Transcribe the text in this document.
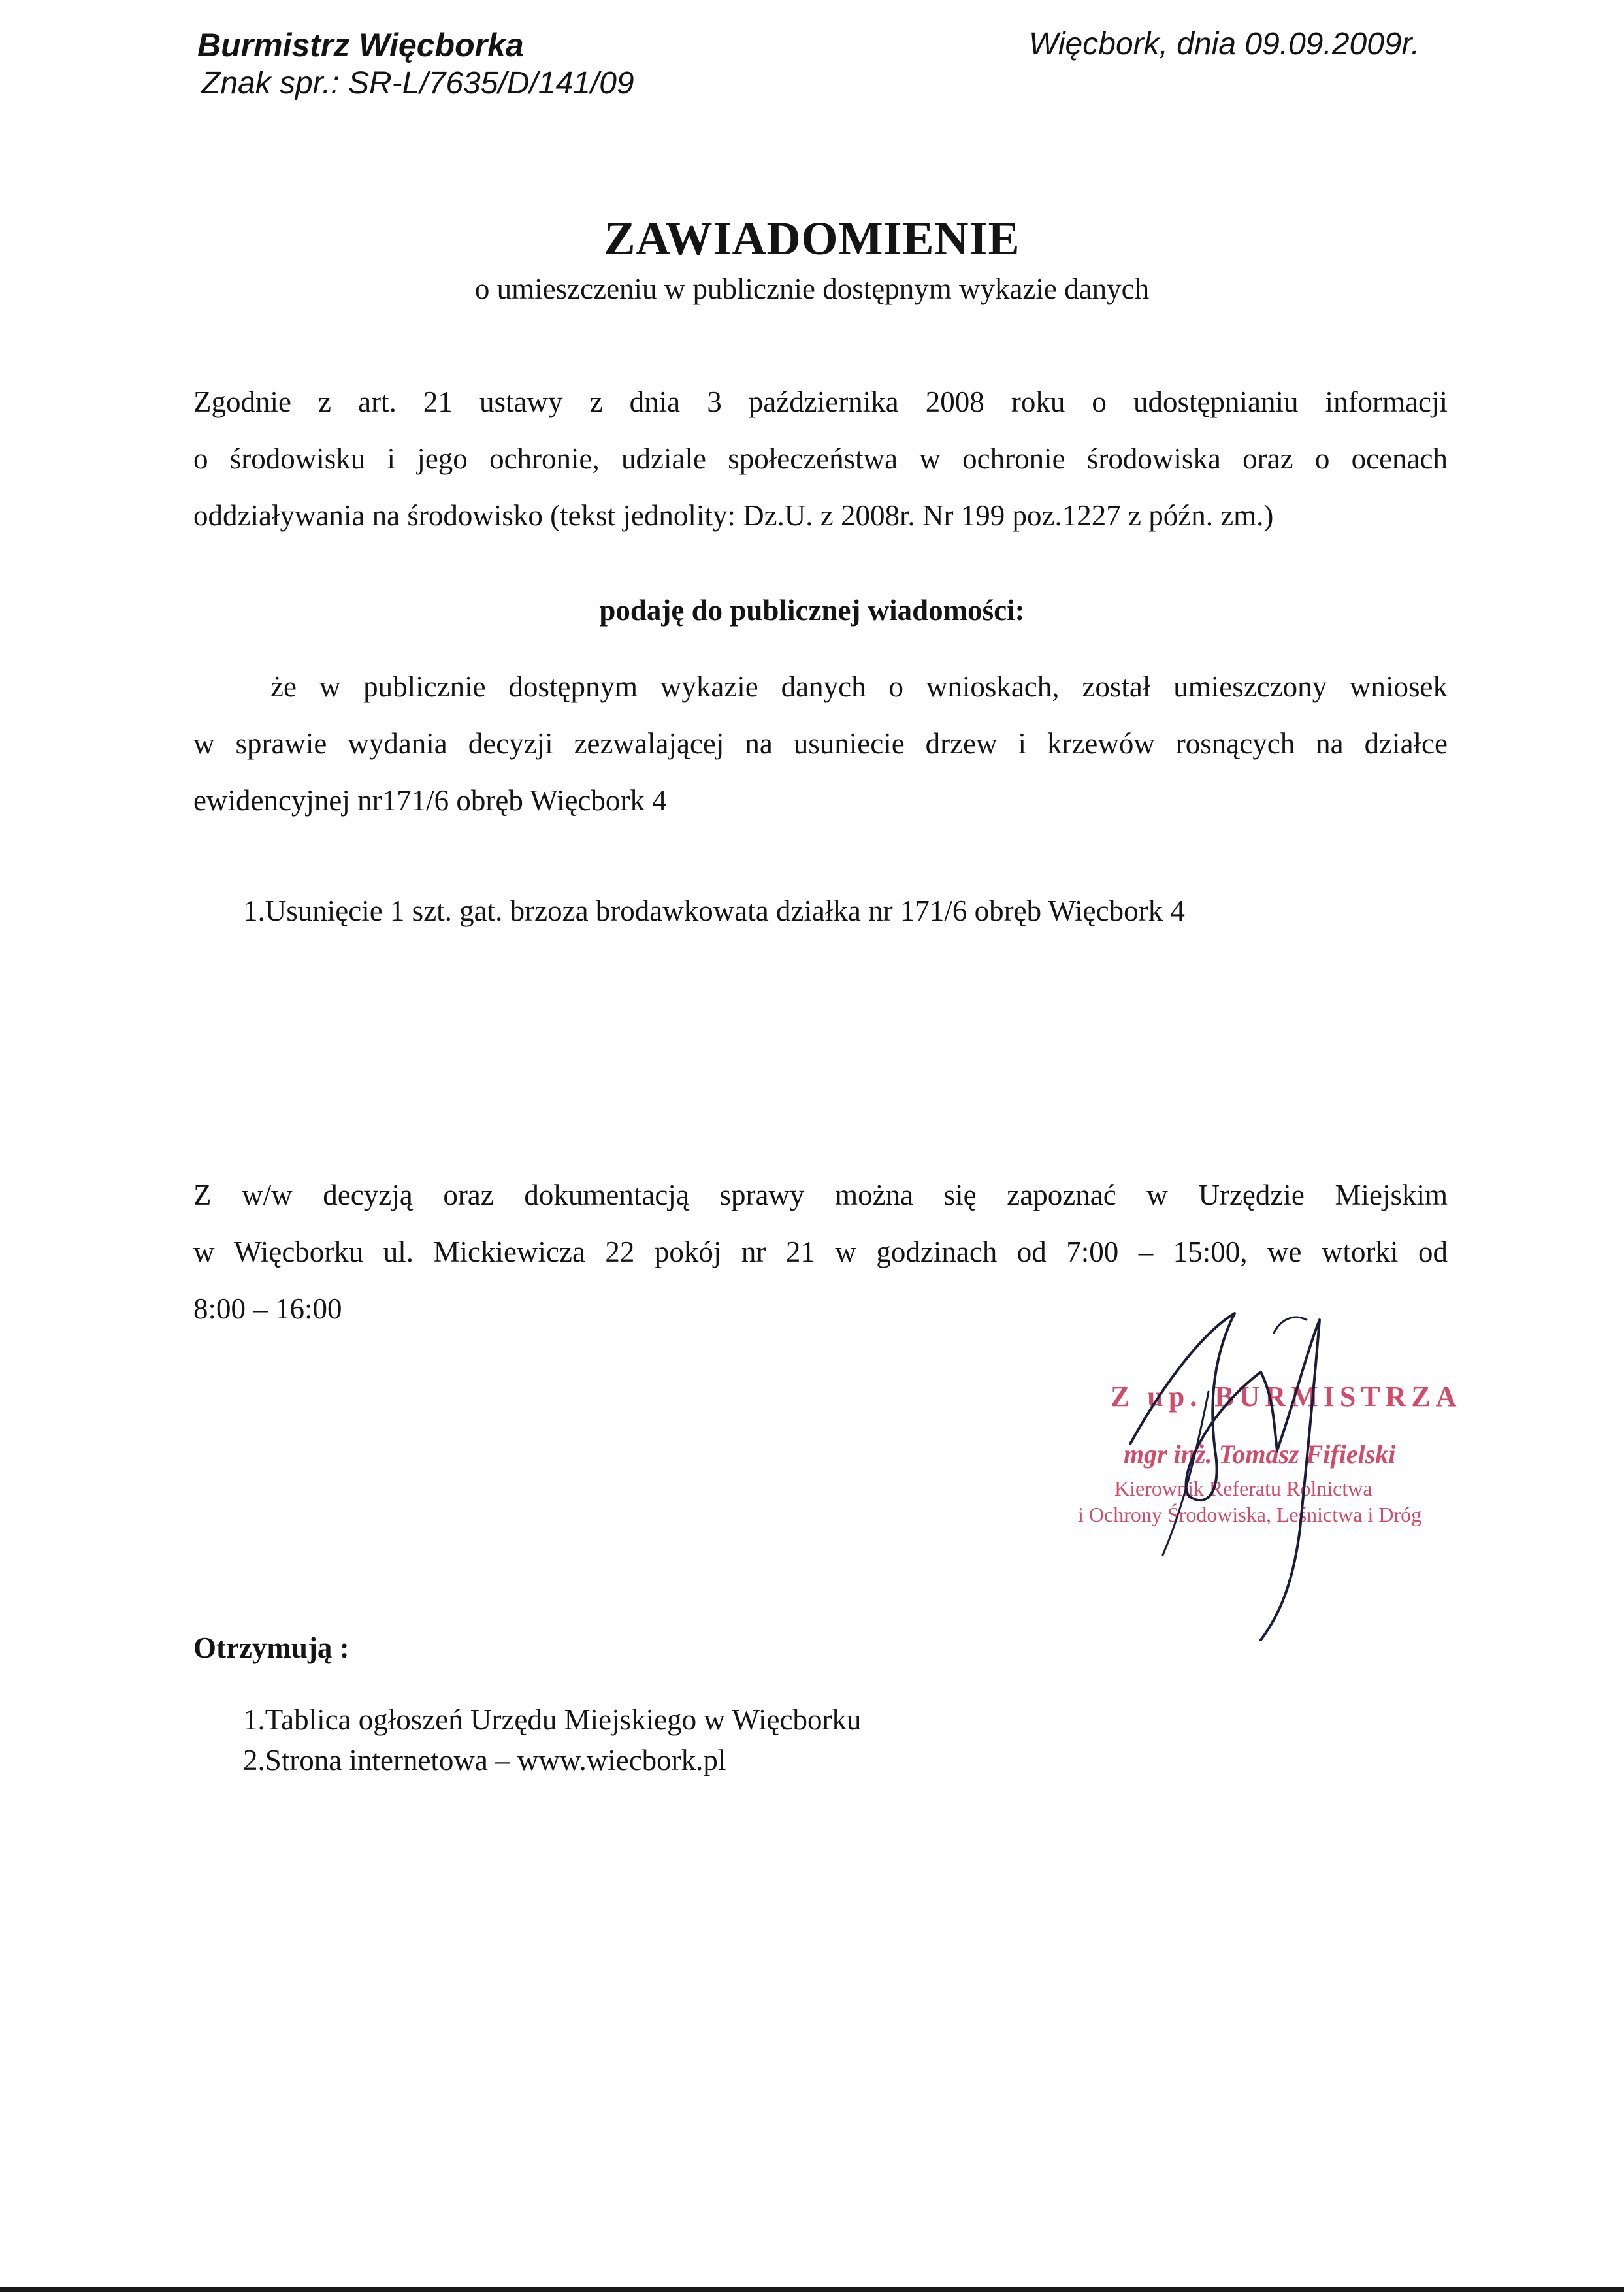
Burmistrz Więcborka
Znak spr.: SR-L/7635/D/141/09
Więcbork, dnia 09.09.2009r.
ZAWIADOMIENIE
o umieszczeniu w publicznie dostępnym wykazie danych
Zgodnie z art. 21 ustawy z dnia 3 października 2008 roku o udostępnianiu informacji
o środowisku i jego ochronie, udziale społeczeństwa w ochronie środowiska oraz o ocenach
oddziaływania na środowisko (tekst jednolity: Dz.U. z 2008r. Nr 199 poz.1227 z późn. zm.)
podaję do publicznej wiadomości:
że w publicznie dostępnym wykazie danych o wnioskach, został umieszczony wniosek
w sprawie wydania decyzji zezwalającej na usuniecie drzew i krzewów rosnących na działce
ewidencyjnej nr171/6 obręb Więcbork 4
1.Usunięcie 1 szt. gat. brzoza brodawkowata działka nr 171/6 obręb Więcbork 4
Z w/w decyzją oraz dokumentacją sprawy można się zapoznać w Urzędzie Miejskim
w Więcborku ul. Mickiewicza 22 pokój nr 21 w godzinach od 7:00 – 15:00, we wtorki od
8:00 – 16:00
Z up. BURMISTRZA
mgr inż. Tomasz Fifielski
Kierownik Referatu Rolnictwa
i Ochrony Środowiska, Leśnictwa i Dróg
Otrzymują :
1.Tablica ogłoszeń Urzędu Miejskiego w Więcborku
2.Strona internetowa – www.wiecbork.pl
